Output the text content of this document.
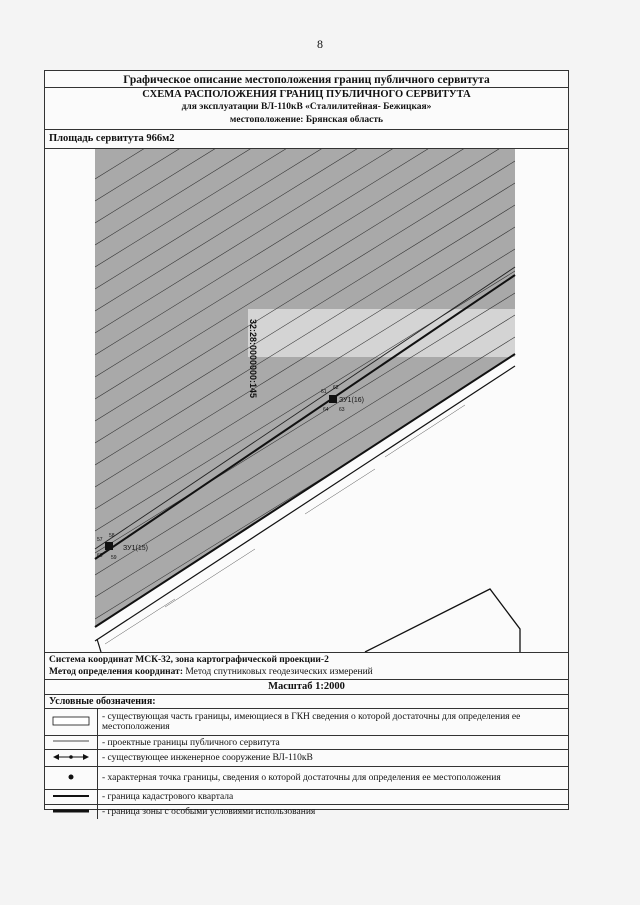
8
Графическое описание местоположения границ публичного сервитута
СХЕМА РАСПОЛОЖЕНИЯ ГРАНИЦ ПУБЛИЧНОГО СЕРВИТУТА
для эксплуатации ВЛ-110кВ «Сталилитейная- Бежицкая»
местоположение: Брянская область
Площадь сервитута 966м2
32:28:0000000:145
ЗУ1(16)
61
62
64 63
ЗУ1(15)
57
58
60 59
Система координат МСК-32, зона картографической проекции-2
Метод определения координат: Метод спутниковых геодезических измерений
Масштаб 1:2000
Условные обозначения:
	- существующая часть границы, имеющиеся в ГКН сведения о которой достаточны для определения ее местоположения
	- проектные границы публичного сервитута
	- существующее инженерное сооружение ВЛ-110кВ
	- характерная точка границы, сведения о которой достаточны для определения ее местоположения
	- граница кадастрового квартала
	- граница зоны с особыми условиями использования
